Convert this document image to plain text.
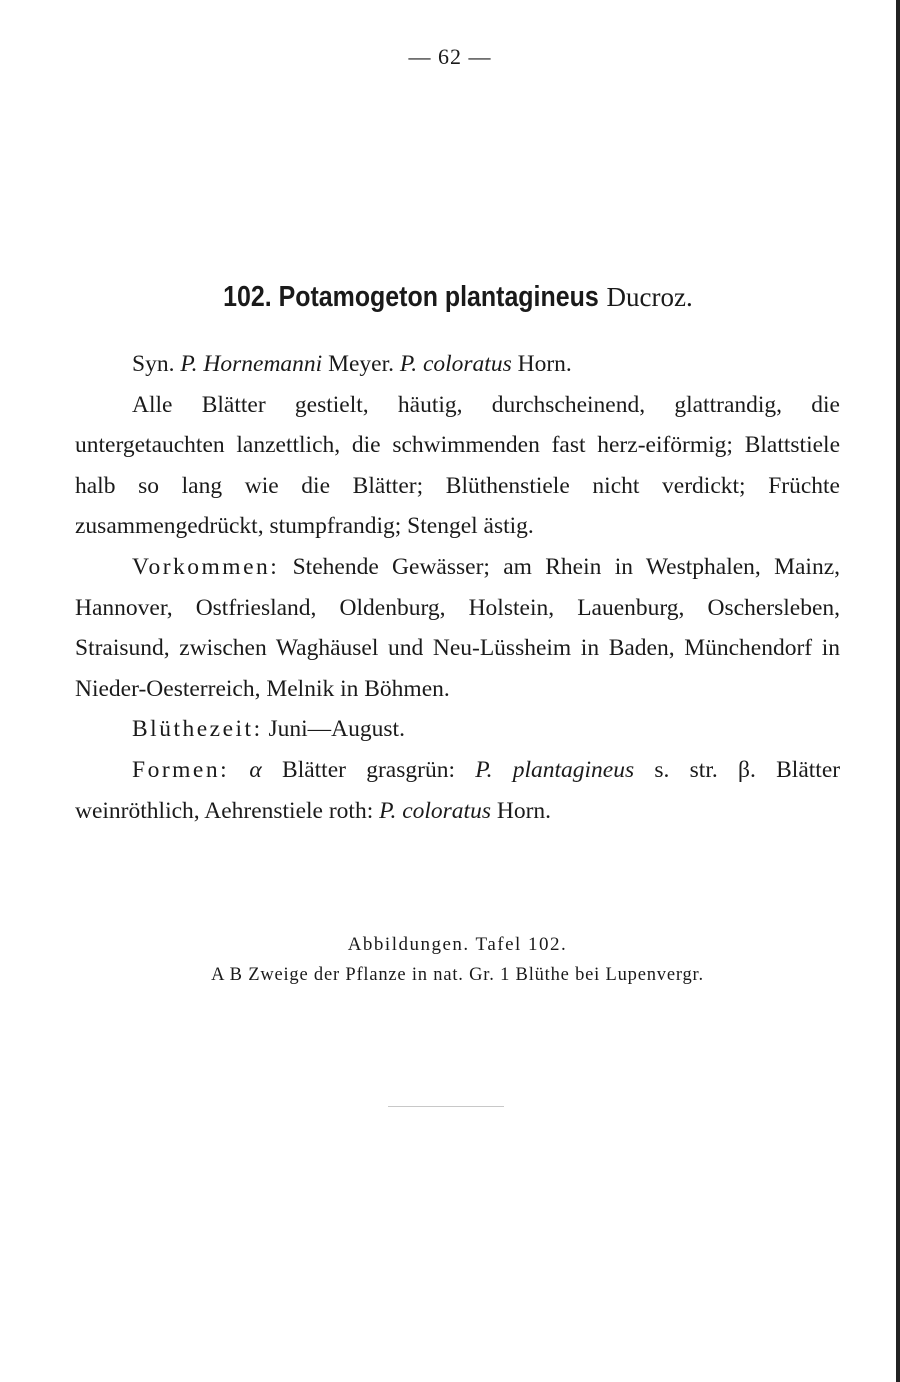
— 62 —
102. Potamogeton plantagineus Ducroz.

Syn. P. Hornemanni Meyer. P. coloratus Horn.

Alle Blätter gestielt, häutig, durchscheinend, glattrandig, die untergetauchten lanzettlich, die schwimmenden fast herz-eiförmig; Blattstiele halb so lang wie die Blätter; Blüthenstiele nicht verdickt; Früchte zusammengedrückt, stumpfrandig; Stengel ästig.

Vorkommen: Stehende Gewässer; am Rhein in Westphalen, Mainz, Hannover, Ostfriesland, Oldenburg, Holstein, Lauenburg, Oschersleben, Straisund, zwischen Waghäusel und Neu-Lüssheim in Baden, Münchendorf in Nieder-Oesterreich, Melnik in Böhmen.

Blüthezeit: Juni—August.

Formen: α Blätter grasgrün: P. plantagineus s. str. β. Blätter weinröthlich, Aehrenstiele roth: P. coloratus Horn.

Abbildungen. Tafel 102.
A B Zweige der Pflanze in nat. Gr. 1 Blüthe bei Lupenvergr.
